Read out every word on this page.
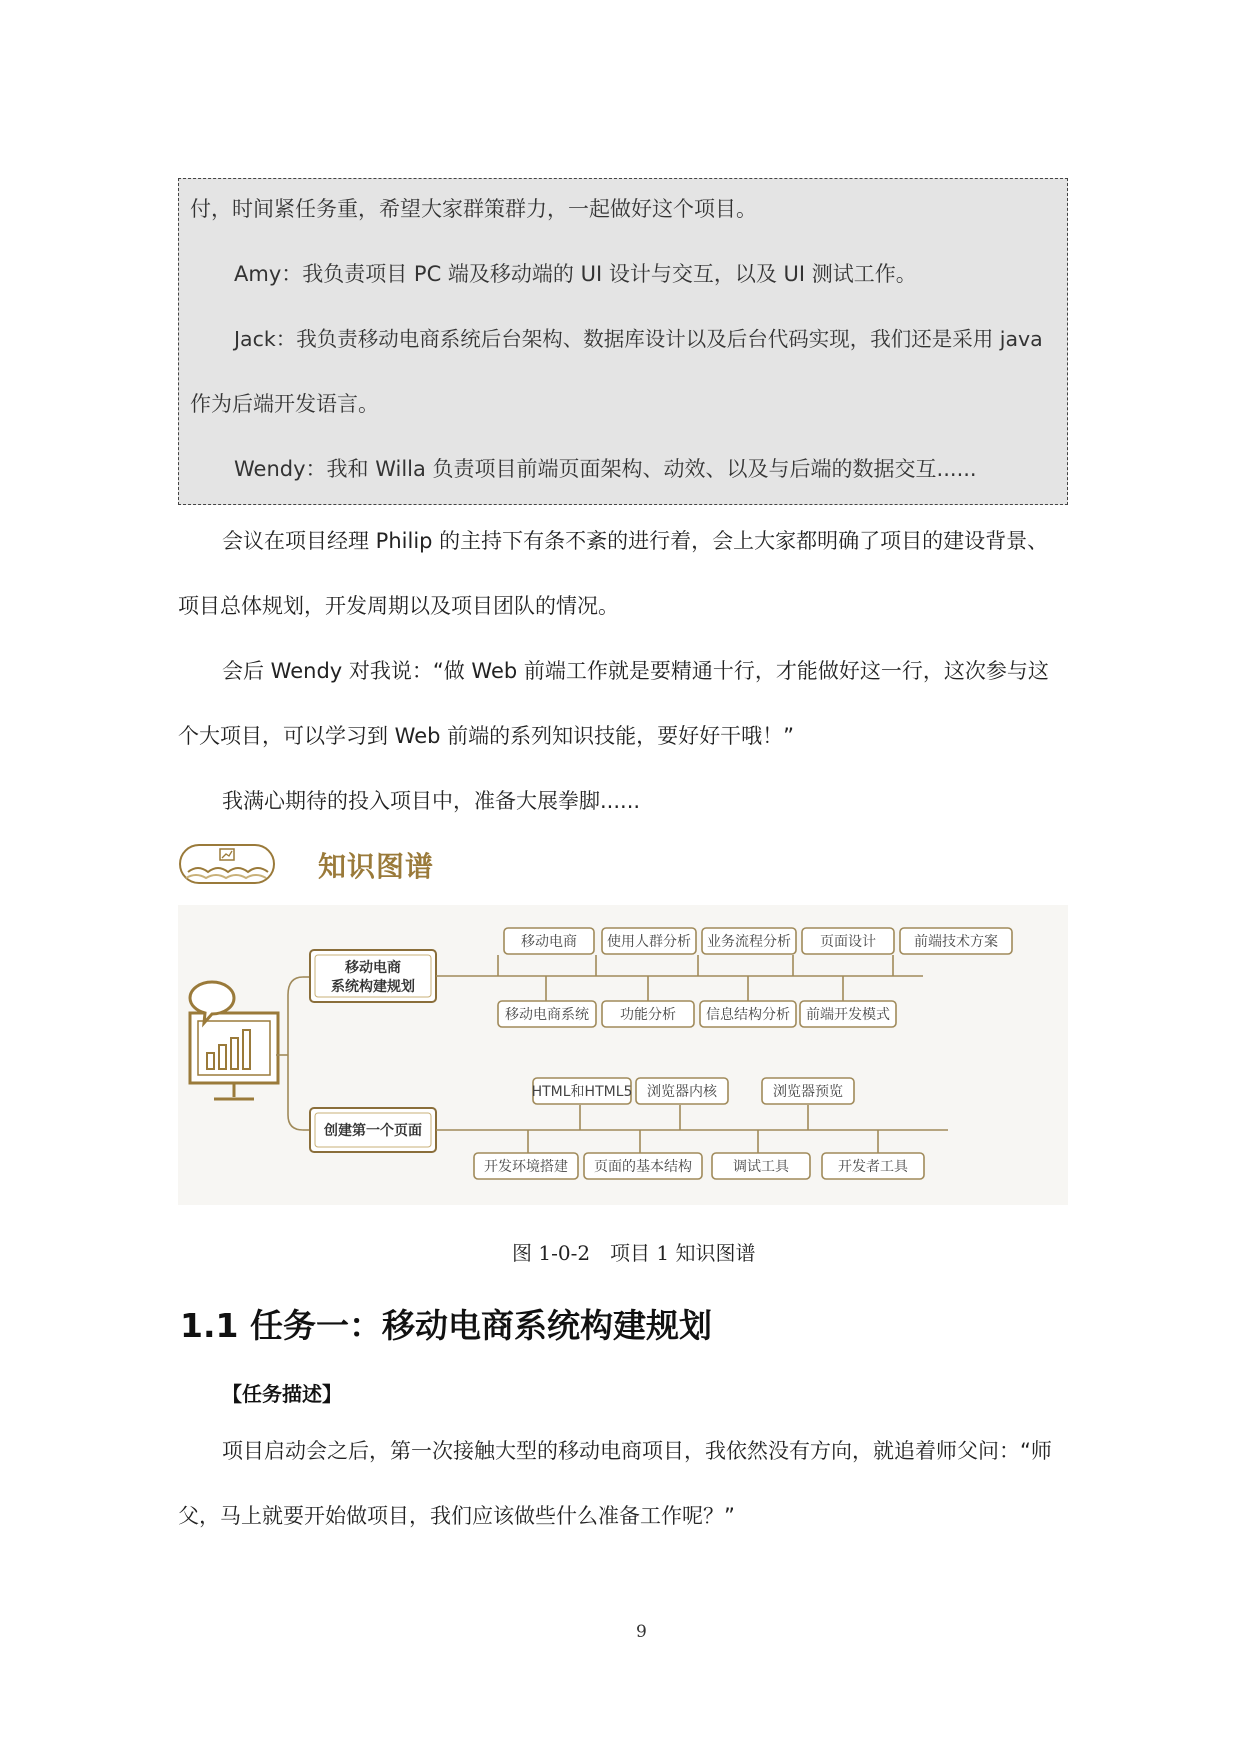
付，时间紧任务重，希望大家群策群力，一起做好这个项目。
Amy：我负责项目 PC 端及移动端的 UI 设计与交互，以及 UI 测试工作。
Jack：我负责移动电商系统后台架构、数据库设计以及后台代码实现，我们还是采用 java
作为后端开发语言。
Wendy：我和 Willa 负责项目前端页面架构、动效、以及与后端的数据交互......
会议在项目经理 Philip 的主持下有条不紊的进行着，会上大家都明确了项目的建设背景、
项目总体规划，开发周期以及项目团队的情况。
会后 Wendy 对我说：“做 Web 前端工作就是要精通十行，才能做好这一行，这次参与这
个大项目，可以学习到 Web 前端的系列知识技能，要好好干哦！”
我满心期待的投入项目中，准备大展拳脚......
知识图谱
移动电商
系统构建规划
创建第一个页面
移动电商 使用人群分析 业务流程分析 页面设计	前端技术方案
移动电商系统 功能分析 信息结构分析 前端开发模式
HTML和HTML5 浏览器内核	浏览器预览
开发环境搭建 页面的基本结构	调试工具	开发者工具
图 1-0-2　项目 1 知识图谱
1.1 任务一：移动电商系统构建规划
【任务描述】
项目启动会之后，第一次接触大型的移动电商项目，我依然没有方向，就追着师父问：“师
父，马上就要开始做项目，我们应该做些什么准备工作呢？”
9
